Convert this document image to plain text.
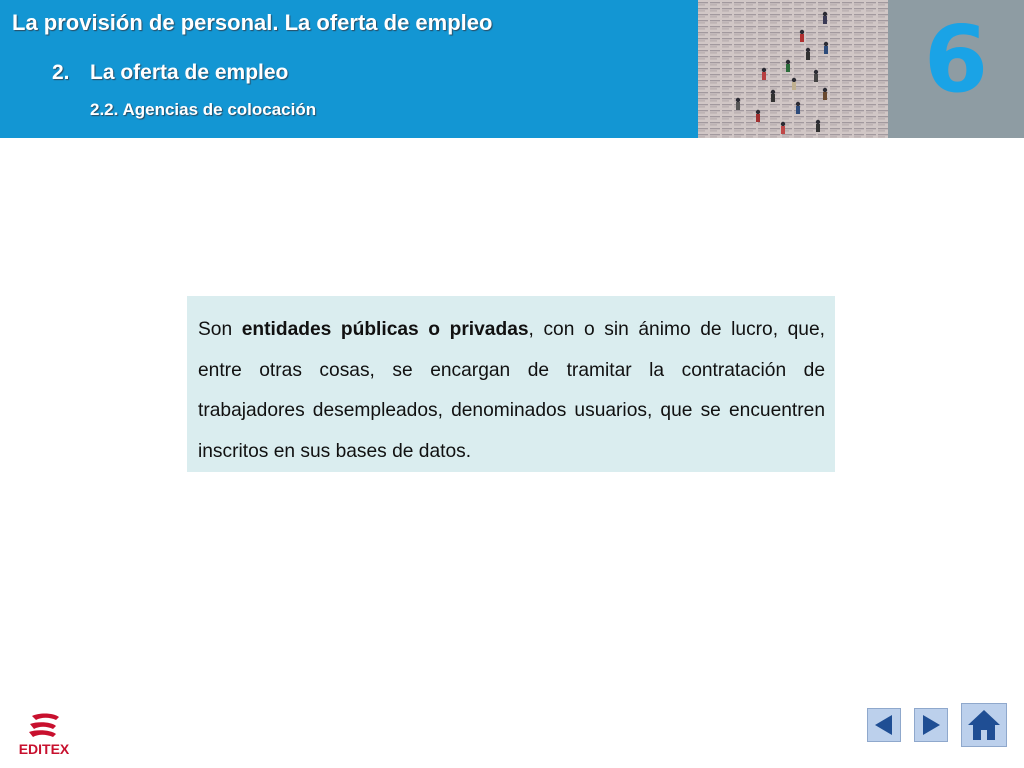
La provisión de personal. La oferta de empleo
2. La oferta de empleo
2.2. Agencias de colocación	6

Son entidades públicas o privadas, con o sin ánimo de lucro, que, entre otras cosas, se encargan de tramitar la contratación de trabajadores desempleados, denominados usuarios, que se encuentren inscritos en sus bases de datos.

EDITEX
